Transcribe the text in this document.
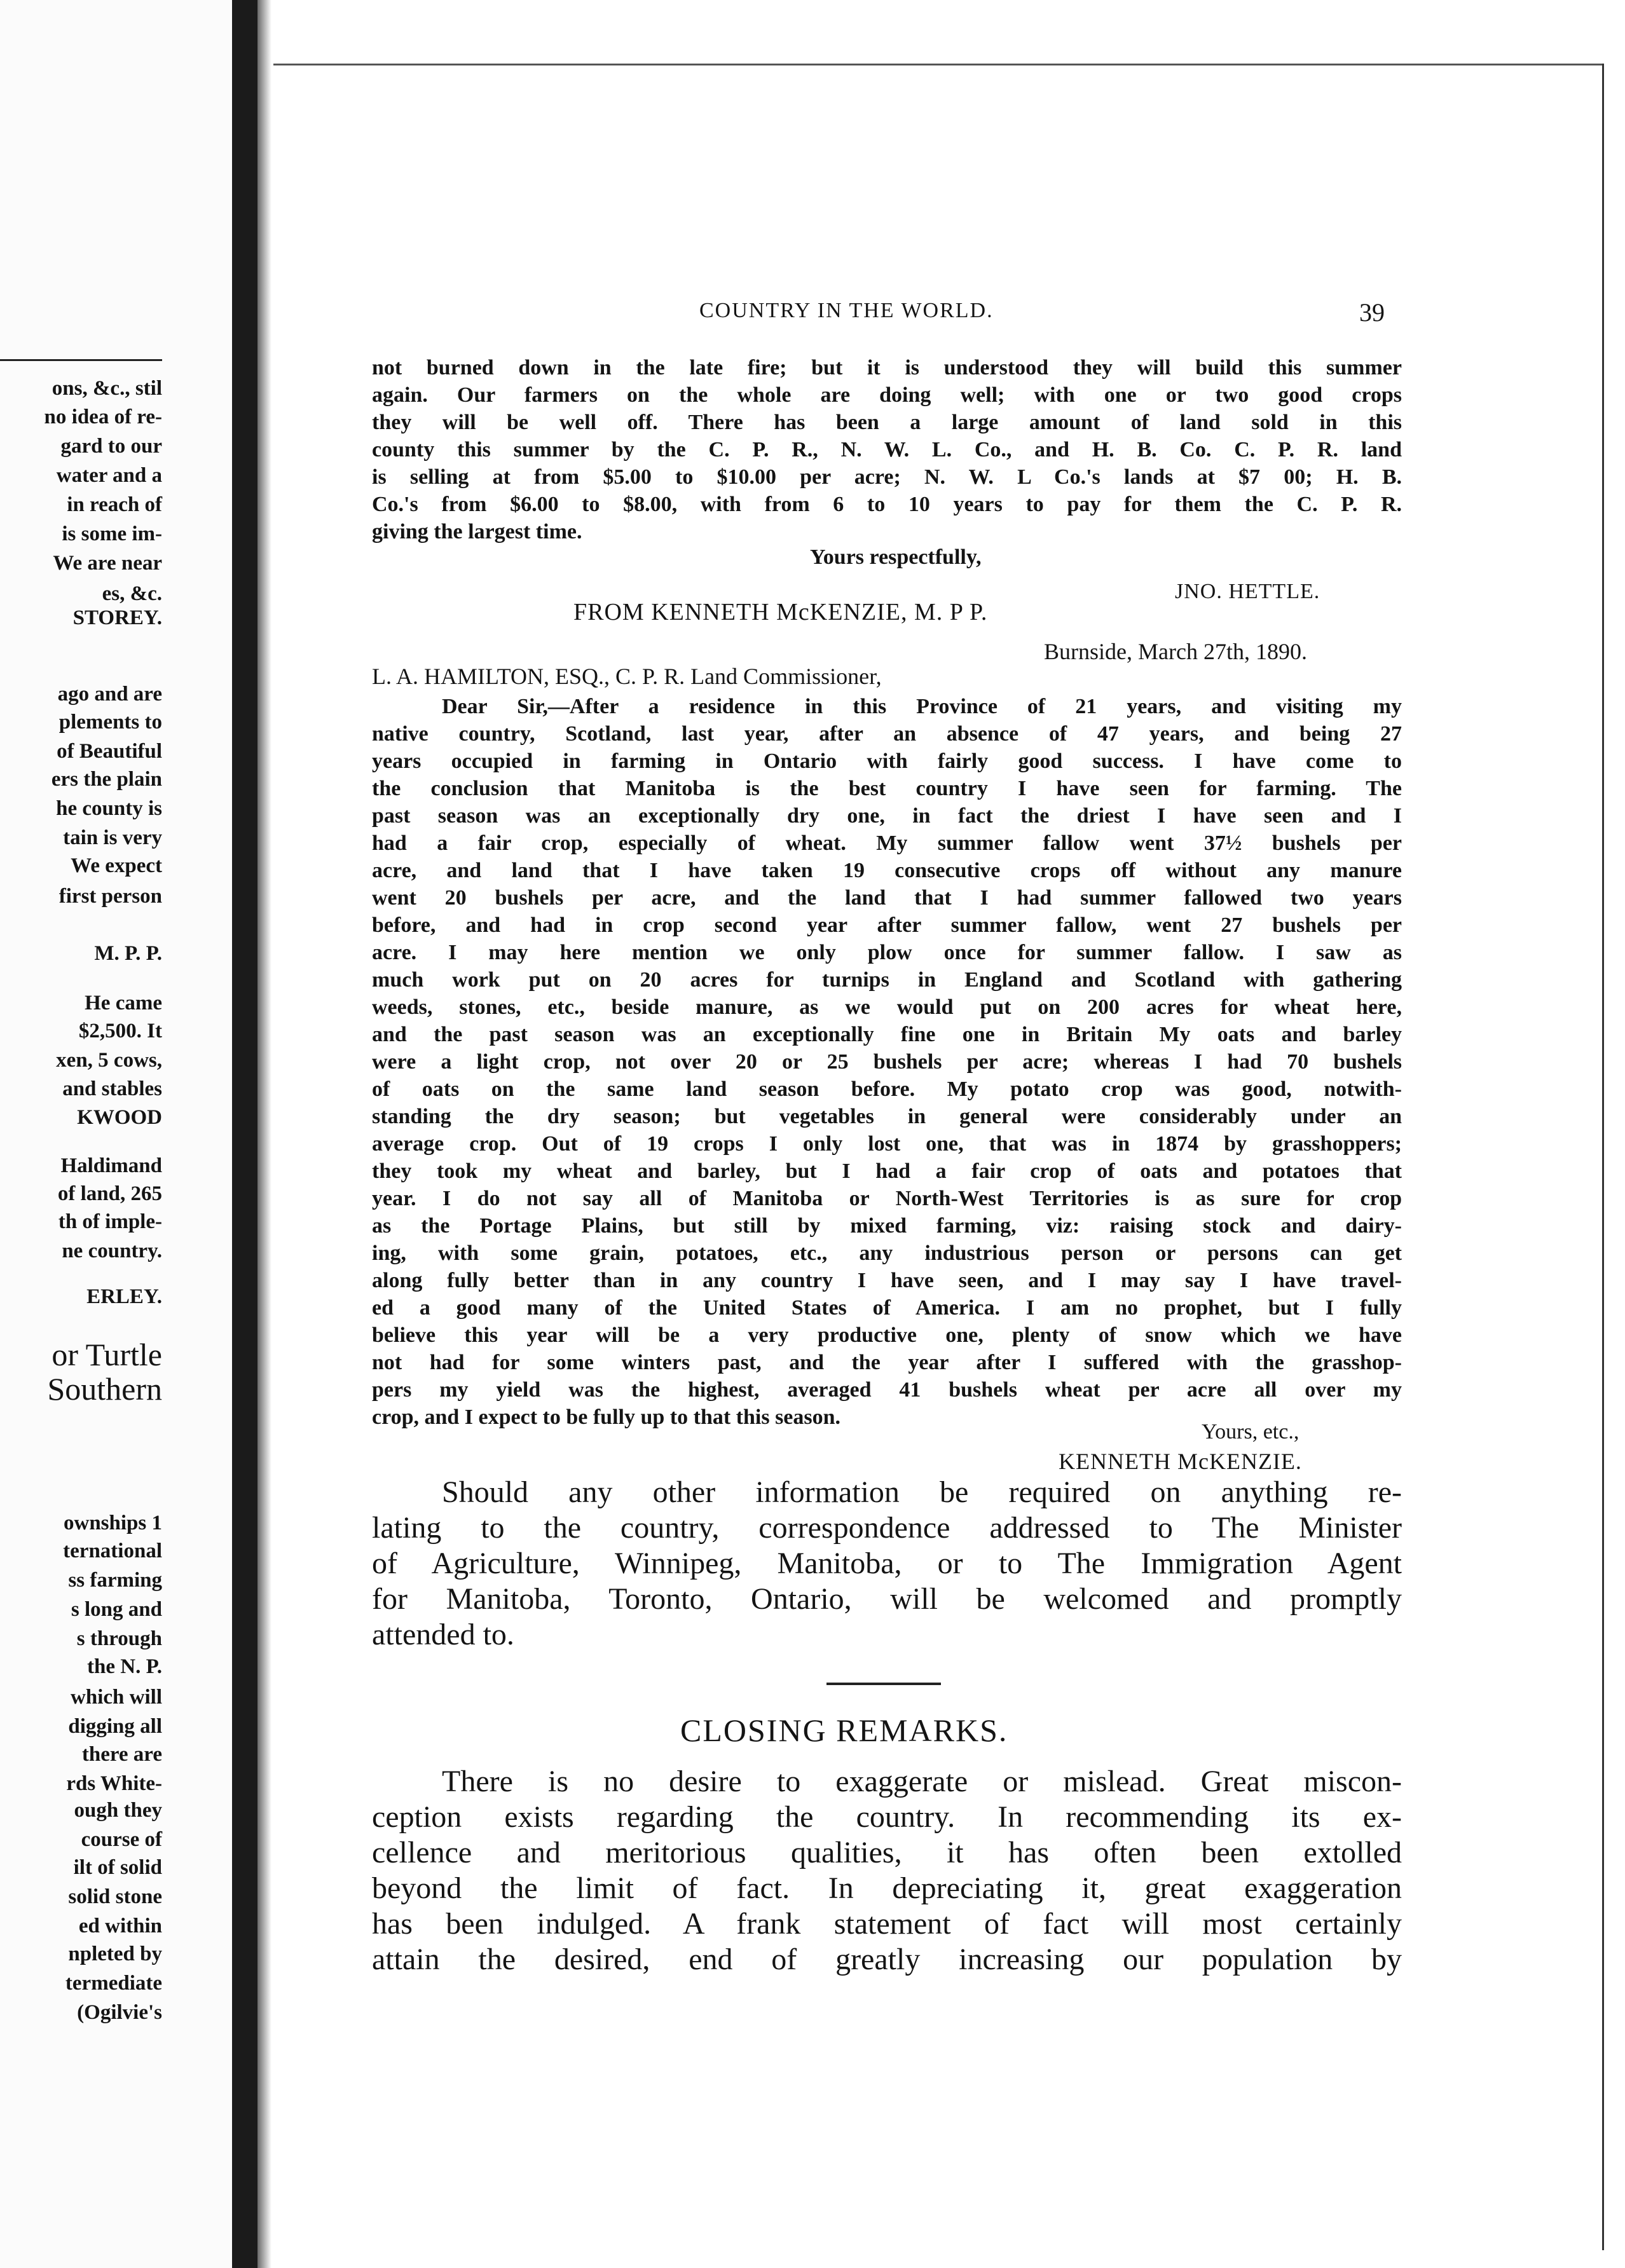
ons, &c., stil
no idea of re-
gard to our
water and a
in reach of
is some im-
We are near
es, &c.
STOREY.
ago and are
plements to
of Beautiful
ers the plain
he county is
tain is very
We expect
first person
M. P. P.
He came
$2,500. It
xen, 5 cows,
and stables
KWOOD
Haldimand
of land, 265
th of imple-
ne country.
ERLEY.
or Turtle
Southern
ownships 1
ternational
ss farming
s long and
s through
the N. P.
which will
digging all
there are
rds White-
ough they
course of
ilt of solid
solid stone
ed within
npleted by
termediate
(Ogilvie's
COUNTRY IN THE WORLD.	39
not burned down in the late fire; but it is understood they will build this summer
again. Our farmers on the whole are doing well; with one or two good crops
they will be well off. There has been a large amount of land sold in this
county this summer by the C. P. R., N. W. L. Co., and H. B. Co. C. P. R. land
is selling at from $5.00 to $10.00 per acre; N. W. L Co.'s lands at $7 00; H. B.
Co.'s from $6.00 to $8.00, with from 6 to 10 years to pay for them the C. P. R.
giving the largest time.
Yours respectfully,
JNO. HETTLE.
FROM KENNETH McKENZIE, M. P P.
Burnside, March 27th, 1890.
L. A. HAMILTON, ESQ., C. P. R. Land Commissioner,
Dear Sir,—After a residence in this Province of 21 years, and visiting my
native country, Scotland, last year, after an absence of 47 years, and being 27
years occupied in farming in Ontario with fairly good success. I have come to
the conclusion that Manitoba is the best country I have seen for farming. The
past season was an exceptionally dry one, in fact the driest I have seen and I
had a fair crop, especially of wheat. My summer fallow went 37½ bushels per
acre, and land that I have taken 19 consecutive crops off without any manure
went 20 bushels per acre, and the land that I had summer fallowed two years
before, and had in crop second year after summer fallow, went 27 bushels per
acre. I may here mention we only plow once for summer fallow. I saw as
much work put on 20 acres for turnips in England and Scotland with gathering
weeds, stones, etc., beside manure, as we would put on 200 acres for wheat here,
and the past season was an exceptionally fine one in Britain My oats and barley
were a light crop, not over 20 or 25 bushels per acre; whereas I had 70 bushels
of oats on the same land season before. My potato crop was good, notwith-
standing the dry season; but vegetables in general were considerably under an
average crop. Out of 19 crops I only lost one, that was in 1874 by grasshoppers;
they took my wheat and barley, but I had a fair crop of oats and potatoes that
year. I do not say all of Manitoba or North-West Territories is as sure for crop
as the Portage Plains, but still by mixed farming, viz: raising stock and dairy-
ing, with some grain, potatoes, etc., any industrious person or persons can get
along fully better than in any country I have seen, and I may say I have travel-
ed a good many of the United States of America. I am no prophet, but I fully
believe this year will be a very productive one, plenty of snow which we have
not had for some winters past, and the year after I suffered with the grasshop-
pers my yield was the highest, averaged 41 bushels wheat per acre all over my
crop, and I expect to be fully up to that this season.
Yours, etc.,
KENNETH McKENZIE.
Should any other information be required on anything re-
lating to the country, correspondence addressed to The Minister
of Agriculture, Winnipeg, Manitoba, or to The Immigration Agent
for Manitoba, Toronto, Ontario, will be welcomed and promptly
attended to.
CLOSING REMARKS.
There is no desire to exaggerate or mislead. Great miscon-
ception exists regarding the country. In recommending its ex-
cellence and meritorious qualities, it has often been extolled
beyond the limit of fact. In depreciating it, great exaggeration
has been indulged. A frank statement of fact will most certainly
attain the desired, end of greatly increasing our population by
